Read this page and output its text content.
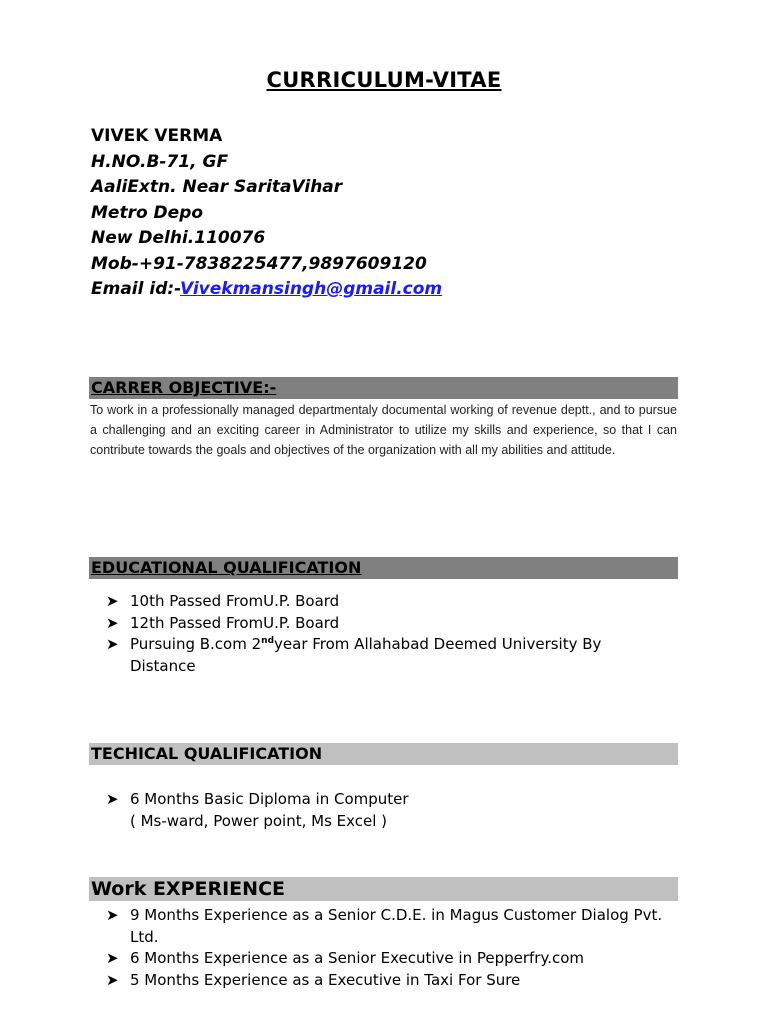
CURRICULUM-VITAE
VIVEK VERMA
H.NO.B-71, GF
AaliExtn. Near SaritaVihar
Metro Depo
New Delhi.110076
Mob-+91-7838225477,9897609120
Email id:-Vivekmansingh@gmail.com
CARRER OBJECTIVE:-
To work in a professionally managed departmentaly documental working of revenue deptt., and to pursue a challenging and an exciting career in Administrator to utilize my skills and experience, so that I can contribute towards the goals and objectives of the organization with all my abilities and attitude.
EDUCATIONAL QUALIFICATION
➤ 10th Passed FromU.P. Board
➤ 12th Passed FromU.P. Board
➤ Pursuing B.com 2ndyear From Allahabad Deemed University By Distance
TECHICAL QUALIFICATION
➤ 6 Months Basic Diploma in Computer
( Ms-ward, Power point, Ms Excel )
Work EXPERIENCE
➤ 9 Months Experience as a Senior C.D.E. in Magus Customer Dialog Pvt. Ltd.
➤ 6 Months Experience as a Senior Executive in Pepperfry.com
➤ 5 Months Experience as a Executive in Taxi For Sure
